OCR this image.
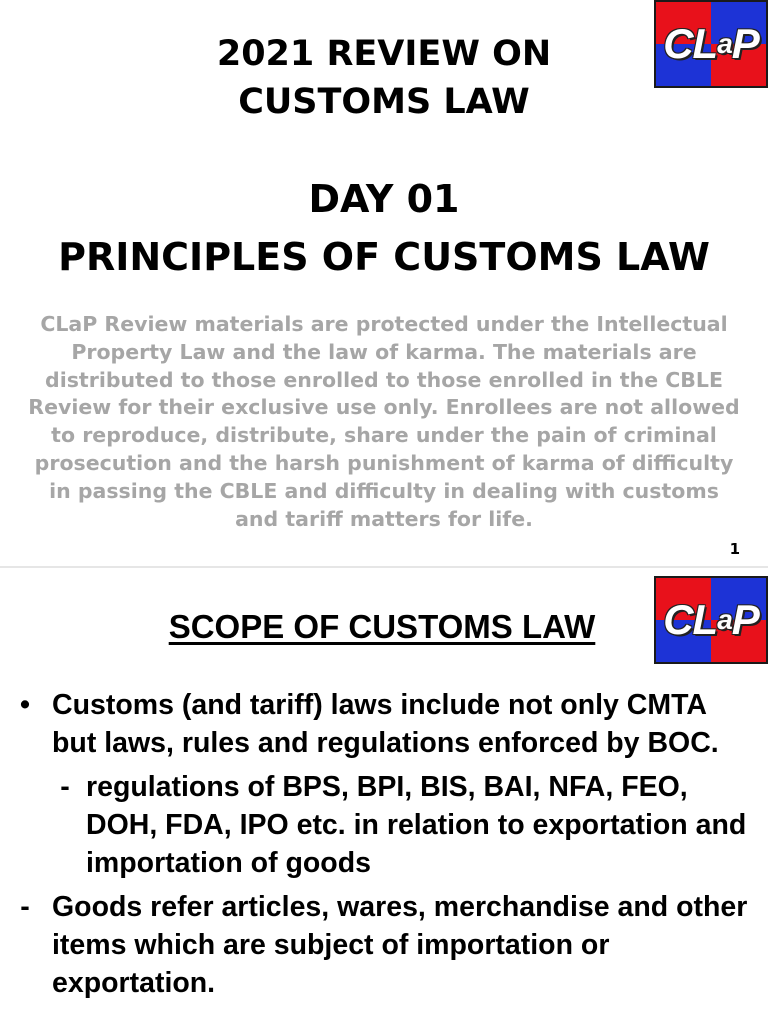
C L a P
2021 REVIEW ON
CUSTOMS LAW
DAY 01
PRINCIPLES OF CUSTOMS LAW

CLaP Review materials are protected under the Intellectual Property Law and the law of karma. The materials are distributed to those enrolled to those enrolled in the CBLE Review for their exclusive use only. Enrollees are not allowed to reproduce, distribute, share under the pain of criminal prosecution and the harsh punishment of karma of difficulty in passing the CBLE and difficulty in dealing with customs and tariff matters for life.

1
C L a P
SCOPE OF CUSTOMS LAW
• Customs (and tariff) laws include not only CMTA but laws, rules and regulations enforced by BOC.
- regulations of BPS, BPI, BIS, BAI, NFA, FEO, DOH, FDA, IPO etc. in relation to exportation and importation of goods
- Goods refer articles, wares, merchandise and other items which are subject of importation or exportation.
